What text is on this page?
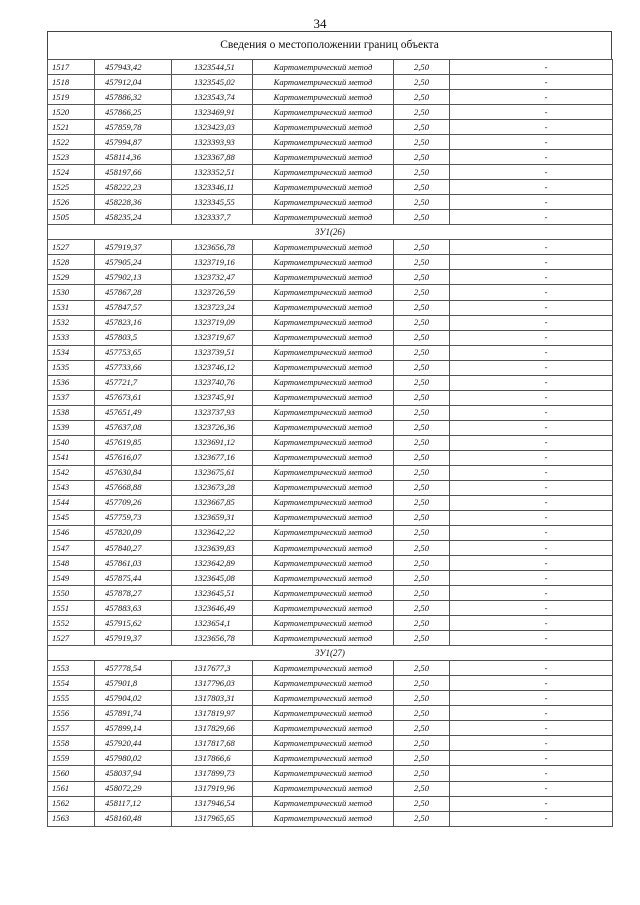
34
Сведения о местоположении границ объекта
1517	457943,42	1323544,51	Картометрический метод	2,50	-
1518	457912,04	1323545,02	Картометрический метод	2,50	-
1519	457886,32	1323543,74	Картометрический метод	2,50	-
1520	457866,25	1323469,91	Картометрический метод	2,50	-
1521	457859,78	1323423,03	Картометрический метод	2,50	-
1522	457994,87	1323393,93	Картометрический метод	2,50	-
1523	458114,36	1323367,88	Картометрический метод	2,50	-
1524	458197,66	1323352,51	Картометрический метод	2,50	-
1525	458222,23	1323346,11	Картометрический метод	2,50	-
1526	458228,36	1323345,55	Картометрический метод	2,50	-
1505	458235,24	1323337,7	Картометрический метод	2,50	-
ЗУ1(26)					
1527	457919,37	1323656,78	Картометрический метод	2,50	-
1528	457905,24	1323719,16	Картометрический метод	2,50	-
1529	457902,13	1323732,47	Картометрический метод	2,50	-
1530	457867,28	1323726,59	Картометрический метод	2,50	-
1531	457847,57	1323723,24	Картометрический метод	2,50	-
1532	457823,16	1323719,09	Картометрический метод	2,50	-
1533	457803,5	1323719,67	Картометрический метод	2,50	-
1534	457753,65	1323739,51	Картометрический метод	2,50	-
1535	457733,66	1323746,12	Картометрический метод	2,50	-
1536	457721,7	1323740,76	Картометрический метод	2,50	-
1537	457673,61	1323745,91	Картометрический метод	2,50	-
1538	457651,49	1323737,93	Картометрический метод	2,50	-
1539	457637,08	1323726,36	Картометрический метод	2,50	-
1540	457619,85	1323691,12	Картометрический метод	2,50	-
1541	457616,07	1323677,16	Картометрический метод	2,50	-
1542	457630,84	1323675,61	Картометрический метод	2,50	-
1543	457668,88	1323673,28	Картометрический метод	2,50	-
1544	457709,26	1323667,85	Картометрический метод	2,50	-
1545	457759,73	1323659,31	Картометрический метод	2,50	-
1546	457820,09	1323642,22	Картометрический метод	2,50	-
1547	457840,27	1323639,83	Картометрический метод	2,50	-
1548	457861,03	1323642,89	Картометрический метод	2,50	-
1549	457875,44	1323645,08	Картометрический метод	2,50	-
1550	457878,27	1323645,51	Картометрический метод	2,50	-
1551	457883,63	1323646,49	Картометрический метод	2,50	-
1552	457915,62	1323654,1	Картометрический метод	2,50	-
1527	457919,37	1323656,78	Картометрический метод	2,50	-
ЗУ1(27)					
1553	457778,54	1317677,3	Картометрический метод	2,50	-
1554	457901,8	1317796,03	Картометрический метод	2,50	-
1555	457904,02	1317803,31	Картометрический метод	2,50	-
1556	457891,74	1317819,97	Картометрический метод	2,50	-
1557	457899,14	1317829,66	Картометрический метод	2,50	-
1558	457920,44	1317817,68	Картометрический метод	2,50	-
1559	457980,02	1317866,6	Картометрический метод	2,50	-
1560	458037,94	1317899,73	Картометрический метод	2,50	-
1561	458072,29	1317919,96	Картометрический метод	2,50	-
1562	458117,12	1317946,54	Картометрический метод	2,50	-
1563	458160,48	1317965,65	Картометрический метод	2,50	-
